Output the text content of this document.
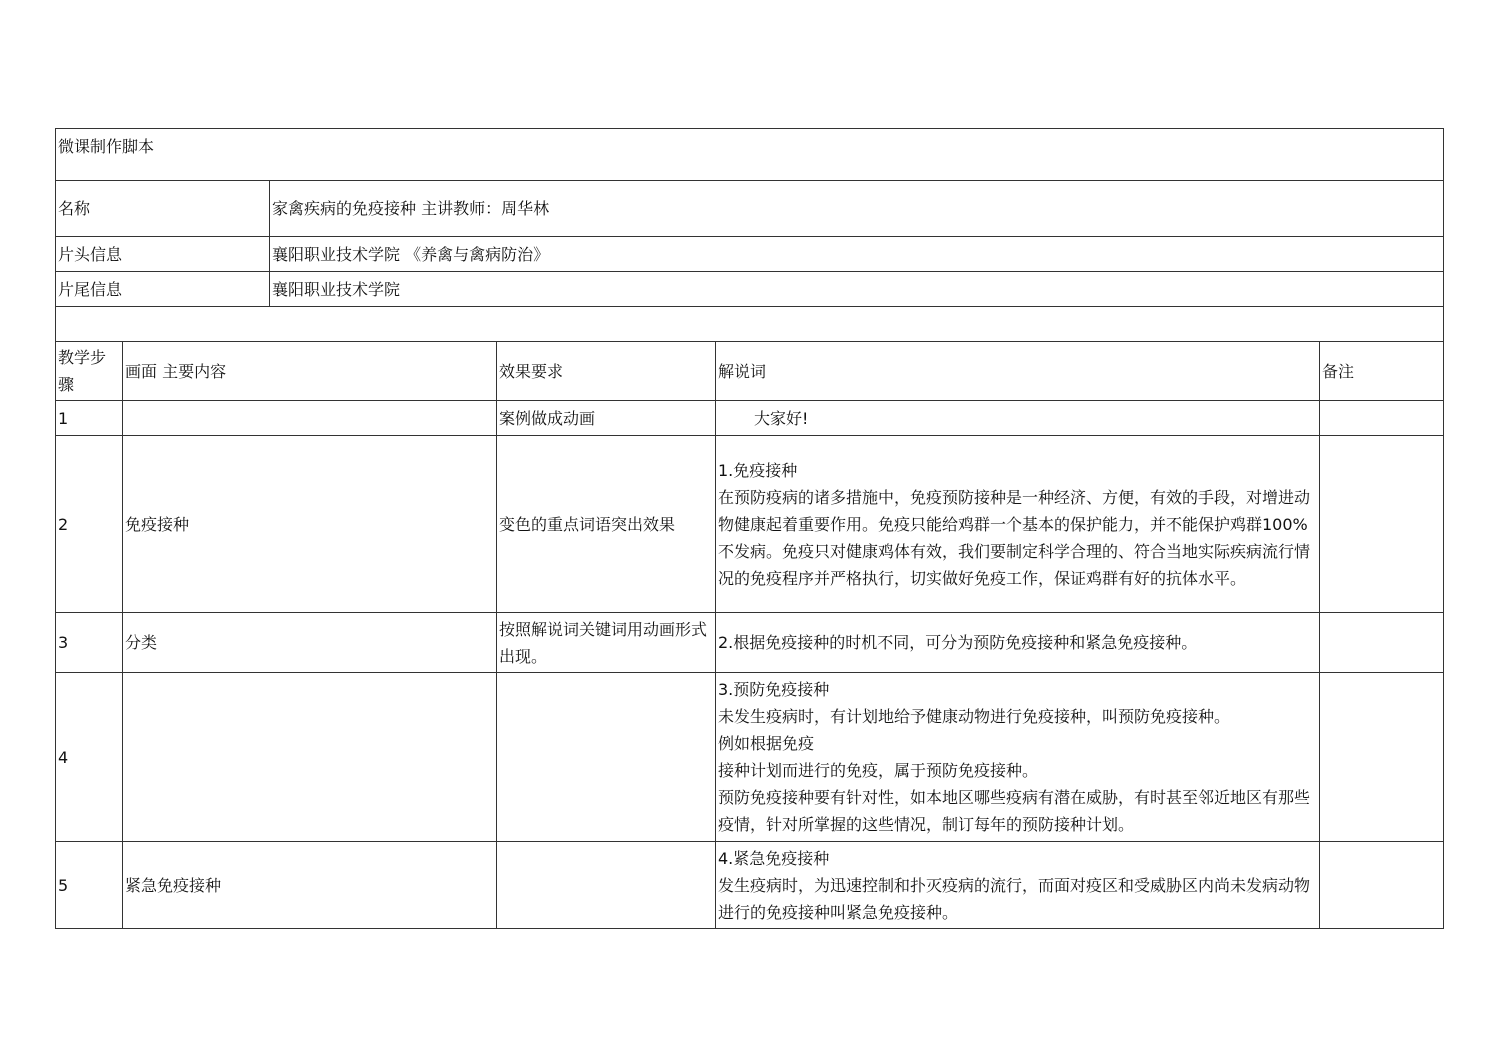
微课制作脚本					
名称		家禽疾病的免疫接种 主讲教师：周华林			
片头信息		襄阳职业技术学院 《养禽与禽病防治》			
片尾信息		襄阳职业技术学院			

教学步骤	画面 主要内容		效果要求	解说词	备注
1			案例做成动画	大家好!	

2	免疫接种		变色的重点词语突出效果	1.免疫接种
在预防疫病的诸多措施中，免疫预防接种是一种经济、方便，有效的手段，对增进动物健康起着重要作用。免疫只能给鸡群一个基本的保护能力，并不能保护鸡群100%不发病。免疫只对健康鸡体有效，我们要制定科学合理的、符合当地实际疾病流行情况的免疫程序并严格执行，切实做好免疫工作，保证鸡群有好的抗体水平。	

3	分类		按照解说词关键词用动画形式出现。	2.根据免疫接种的时机不同，可分为预防免疫接种和紧急免疫接种。	

4				3.预防免疫接种
未发生疫病时，有计划地给予健康动物进行免疫接种，叫预防免疫接种。
例如根据免疫
接种计划而进行的免疫，属于预防免疫接种。
预防免疫接种要有针对性，如本地区哪些疫病有潜在威胁，有时甚至邻近地区有那些疫情，针对所掌握的这些情况，制订每年的预防接种计划。	

5	紧急免疫接种			4.紧急免疫接种
发生疫病时，为迅速控制和扑灭疫病的流行，而面对疫区和受威胁区内尚未发病动物进行的免疫接种叫紧急免疫接种。	
